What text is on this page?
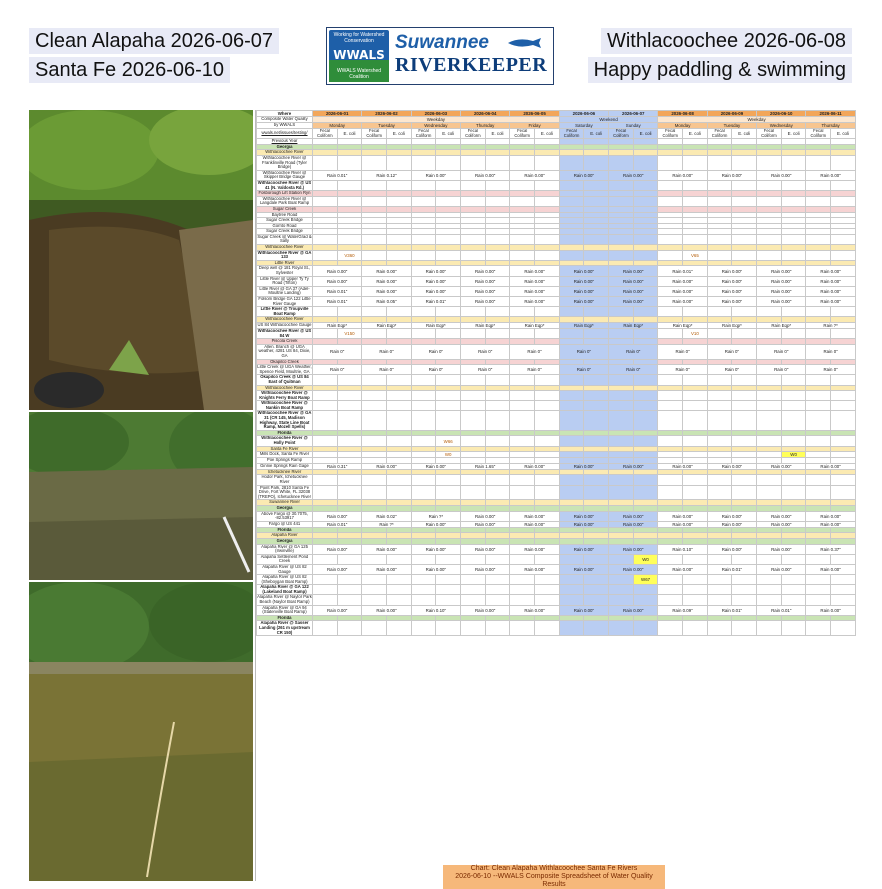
Clean Alapaha 2026-06-07
Santa Fe 2026-06-10
Withlacoochee 2026-06-08
Happy paddling & swimming
Working for Watershed Conservation
WWALS
WWALS Watershed Coalition
Suwannee
RIVERKEEPER
Where	2026-06-01		2026-06-02		2026-06-03		2026-06-04		2026-06-05		2026-06-06		2026-06-07		2026-06-08		2026-06-09		2026-06-10		2026-06-11	
Composite Water Quality	Weekday										Weekend				Weekday							
by WWALS	Monday		Tuesday		Wednesday		Thursday		Friday		Saturday		Sunday		Monday		Tuesday		Wednesday		Thursday	
wwals.net/issues/testing/	Fecal Coliform	E. coli	Fecal Coliform	E. coli	Fecal Coliform	E. coli	Fecal Coliform	E. coli	Fecal Coliform	E. coli	Fecal Coliform	E. coli	Fecal Coliform	E. coli	Fecal Coliform	E. coli	Fecal Coliform	E. coli	Fecal Coliform	E. coli	Fecal Coliform	E. coli
Previous Year																						
Georgia																						
Withlacoochee River																						
Withlacoochee River @ Franklinville Road (Tyler Bridge)																						
Withlacoochee River @ Skipper Bridge Gauge	Rain 0.01"		Rain 0.12"		Rain 0.00"		Rain 0.00"		Rain 0.00"		Rain 0.00"		Rain 0.00"		Rain 0.00"		Rain 0.00"		Rain 0.00"		Rain 0.00"	
Withlacoochee River @ US 41 (N. Valdosta Rd.)																						
Fosborough Lift Station Ryn																						
Withlacoochee River @ Langdale Park Boat Ramp																						
Sugar Creek																						
Baytree Road																						
Sugar Creek Bridge																						
Gornto Road																						
Sugar Creek Bridge																						
Sugar Creek @ WaterGrad & Sally																						
Withlacoochee River																						
Withlacoochee River @ GA 133		V360														V65						
Little River																						
Deep well @ 181 Royal St., Sylvester	Rain 0.00"		Rain 0.00"		Rain 0.00"		Rain 0.00"		Rain 0.00"		Rain 0.00"		Rain 0.00"		Rain 0.01"		Rain 0.00"		Rain 0.00"		Rain 0.00"	
Little River @ Upper Ty Ty Road (Tifton)	Rain 0.00"		Rain 0.00"		Rain 0.00"		Rain 0.00"		Rain 0.00"		Rain 0.00"		Rain 0.00"		Rain 0.00"		Rain 0.00"		Rain 0.00"		Rain 0.00"	
Little River @ GA 37 (Adel-Moultrie Landing)	Rain 0.01"		Rain 0.00"		Rain 0.00"		Rain 0.00"		Rain 0.00"		Rain 0.00"		Rain 0.00"		Rain 0.00"		Rain 0.00"		Rain 0.00"		Rain 0.00"	
Folsom Bridge GA 122 Little River Gauge	Rain 0.01"		Rain 0.05"		Rain 0.01"		Rain 0.00"		Rain 0.00"		Rain 0.00"		Rain 0.00"		Rain 0.00"		Rain 0.00"		Rain 0.00"		Rain 0.00"	
Little River @ Troupville Boat Ramp																						
Withlacoochee River																						
US 84 Withlacoochee Gauge	Rain Eqp*		Rain Eqp*		Rain Eqp*		Rain Eqp*		Rain Eqp*		Rain Eqp*		Rain Eqp*		Rain Eqp*		Rain Eqp*		Rain Eqp*		Rain ?*	
Withlacoochee River @ US 84 W		V150														V10						
Piscola Creek																						
Allen. Branch @ UGA weather, 4281 US 84, Dixie, GA	Rain 0"		Rain 0"		Rain 0"		Rain 0"		Rain 0"		Rain 0"		Rain 0"		Rain 0"		Rain 0"		Rain 0"		Rain 0"	
Okapilco Creek																						
Little Creek @ UGA Weather, Spence Field, Moultrie, GA	Rain 0"		Rain 0"		Rain 0"		Rain 0"		Rain 0"		Rain 0"		Rain 0"		Rain 0"		Rain 0"		Rain 0"		Rain 0"	
Okapilco Creek @ US 84 East of Quitman																						
Withlacoochee River																						
Withlacoochee River @ Knights Ferry Boat Ramp																						
Withlacoochee River @ Nankin Boat Ramp																						
Withlacoochee River @ GA 31 (CR 145, Madison Highway, State Line Boat Ramp, Mozell Spells)																						
Florida																						
Withlacoochee River @ Holly Point						W66																
Santa Fe River																						
Mills Dock, Santa Fe River						W0														W0		
Poe Springs Ramp																						
Ginnie Springs Rain Gage	Rain 0.31"		Rain 0.00"		Rain 0.00"		Rain 1.65"		Rain 0.00"		Rain 0.00"		Rain 0.00"		Rain 0.00"		Rain 0.00"		Rain 0.00"		Rain 0.00"	
Ichetucknee River																						
Hodor Park, Ichetucknee River																						
Point Park, 2810 Santa Fe Drive, Fort White, FL 32038 (TREPO), Ichetucknee River																						
Suwannee River																						
Georgia																						
Above Fargo @ 30.7075, -82.53917	Rain 0.00"		Rain 0.02"		Rain ?*		Rain 0.00"		Rain 0.00"		Rain 0.00"		Rain 0.00"		Rain 0.00"		Rain 0.00"		Rain 0.00"		Rain 0.00"	
Fargo @ US 441	Rain 0.01"		Rain ?*		Rain 0.00"		Rain 0.00"		Rain 0.00"		Rain 0.00"		Rain 0.00"		Rain 0.00"		Rain 0.00"		Rain 0.00"		Rain 0.00"	
Florida																						
Alapaha River																						
Georgia																						
Alapaha River @ GA 125 (Irwinville)	Rain 0.00"		Rain 0.00"		Rain 0.00"		Rain 0.00"		Rain 0.00"		Rain 0.00"		Rain 0.00"		Rain 0.10"		Rain 0.00"		Rain 0.00"		Rain 0.37"	
Alapaha Settlement Pond Creek														W0								
Alapaha River @ US 82 Gauge	Rain 0.00"		Rain 0.00"		Rain 0.00"		Rain 0.00"		Rain 0.00"		Rain 0.00"		Rain 0.00"		Rain 0.00"		Rain 0.01"		Rain 0.00"		Rain 0.00"	
Alapaha River @ US 82 (Sheboygan Boat Ramp)														W67								
Alapaha River @ GA 122 (Lakeland Boat Ramp)																						
Alapaha River @ Naylor Park Beach (Naylor Boat Ramp)																						
Alapaha River @ GA 94 (Statenville Boat Ramp)	Rain 0.00"		Rain 0.00"		Rain 0.10"		Rain 0.00"		Rain 0.00"		Rain 0.00"		Rain 0.00"		Rain 0.09"		Rain 0.01"		Rain 0.01"		Rain 0.00"	
Florida																						
Alapaha River @ Sasser Landing (261 m upstream CR 150)																						
Chart: Clean Alapaha Withlacoochee Santa Fe Rivers
2026-06-10 --WWALS Composite Spreadsheet of Water Quality Results
